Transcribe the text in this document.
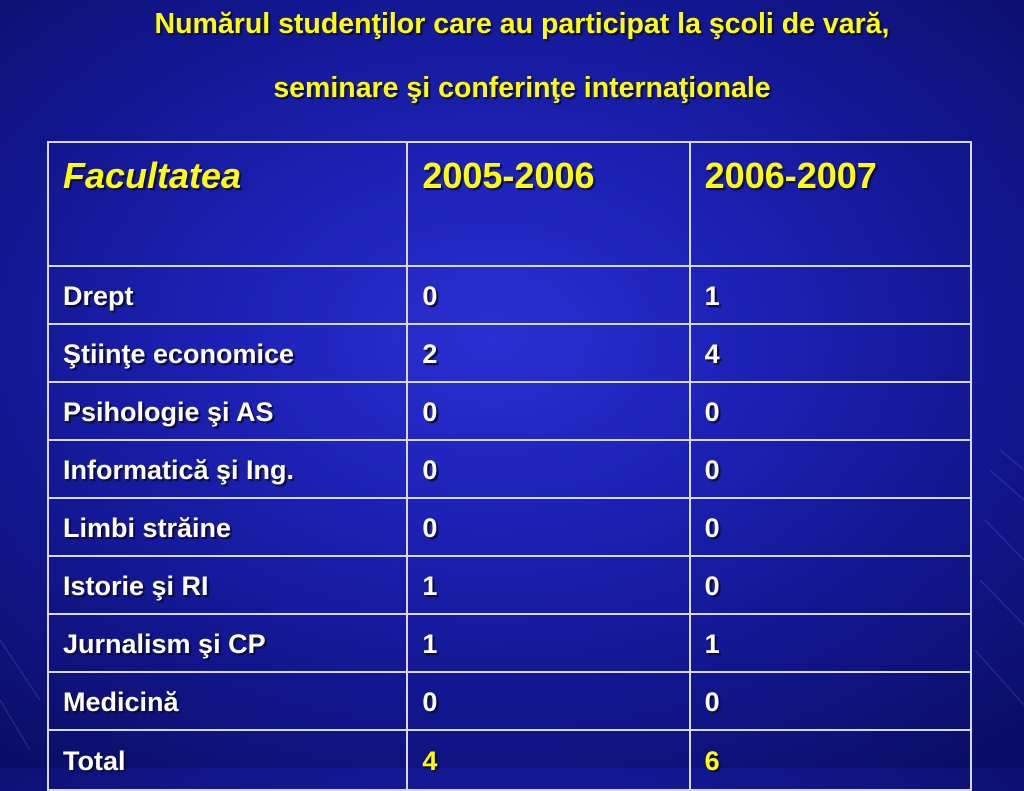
Numărul studenţilor care au participat la şcoli de vară,
seminare şi conferinţe internaţionale
Facultatea	2005-2006	2006-2007
Drept	0	1
Ştiinţe economice	2	4
Psihologie şi AS	0	0
Informatică şi Ing.	0	0
Limbi străine	0	0
Istorie şi RI	1	0
Jurnalism şi CP	1	1
Medicină	0	0
Total	4	6
